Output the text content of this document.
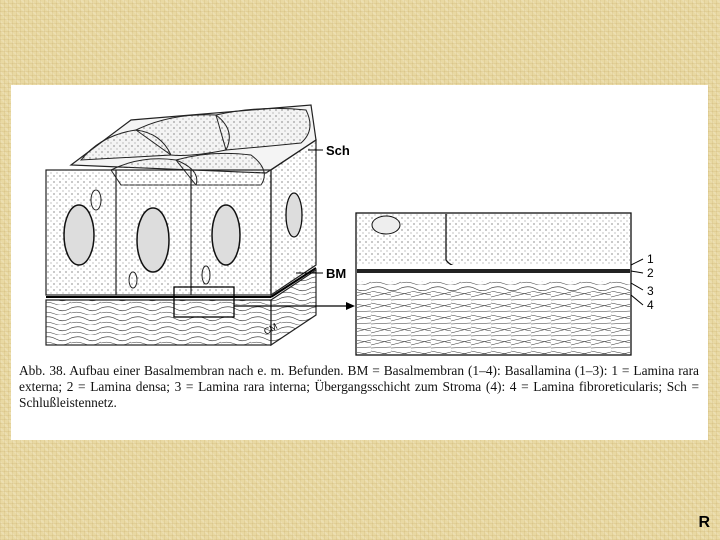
Sch
BM
CM
1
2
3
4
Abb. 38. Aufbau einer Basalmembran nach e. m. Befunden. BM = Basalmembran (1–4): Basallamina (1–3): 1 = Lamina rara externa; 2 = Lamina densa; 3 = Lamina rara interna; Übergangsschicht zum Stroma (4): 4 = Lamina fibroreticularis; Sch = Schlußleistennetz.
R
